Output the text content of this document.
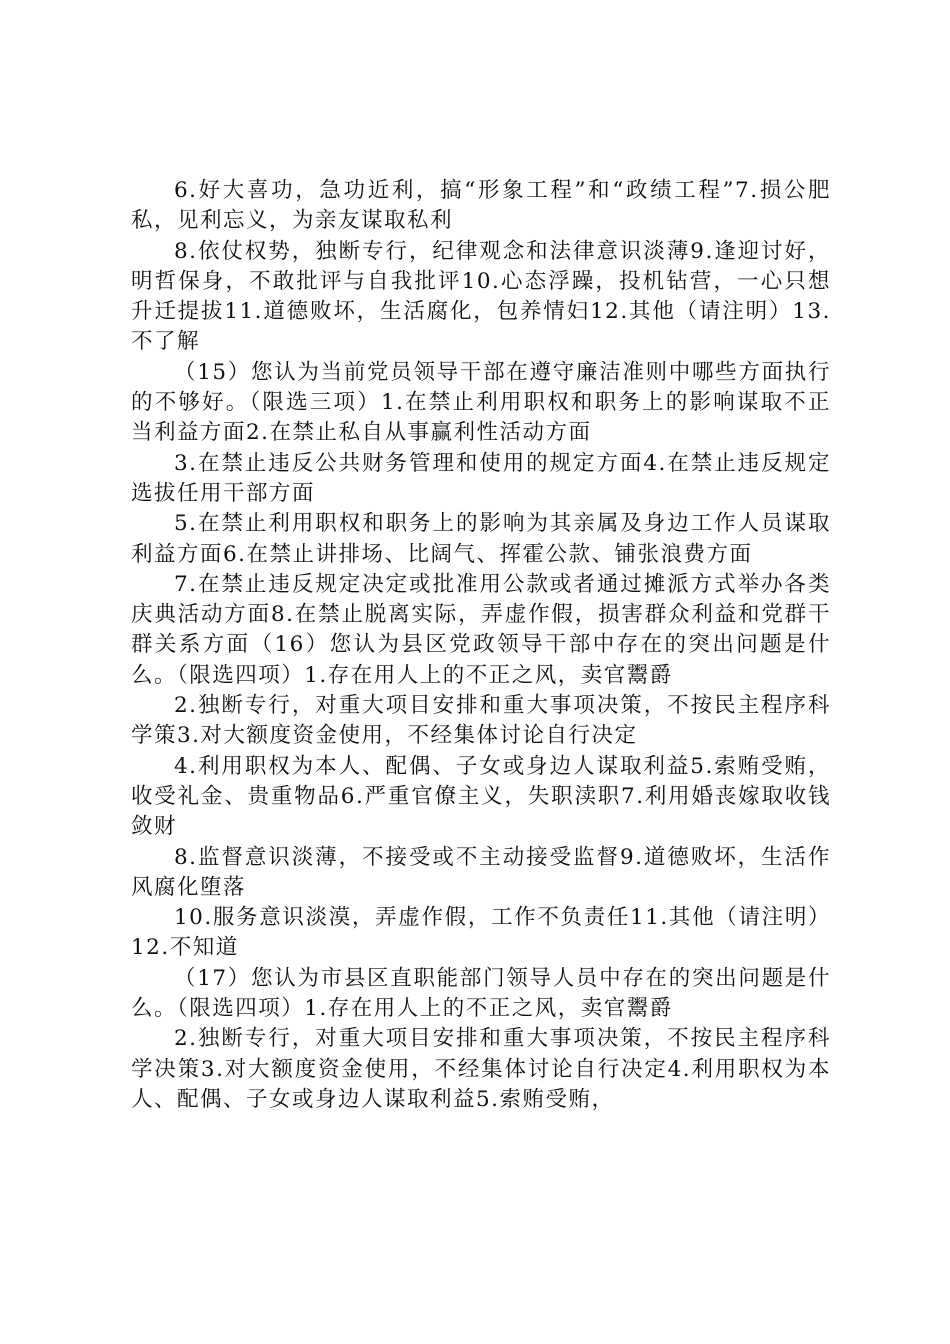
6.好大喜功，急功近利，搞“形象工程”和“政绩工程”7.损公肥私，见利忘义，为亲友谋取私利

8.依仗权势，独断专行，纪律观念和法律意识淡薄9.逢迎讨好，明哲保身，不敢批评与自我批评10.心态浮躁，投机钻营，一心只想升迁提拔11.道德败坏，生活腐化，包养情妇12.其他（请注明）13.不了解

（15）您认为当前党员领导干部在遵守廉洁准则中哪些方面执行的不够好。（限选三项）1.在禁止利用职权和职务上的影响谋取不正当利益方面2.在禁止私自从事赢利性活动方面

3.在禁止违反公共财务管理和使用的规定方面4.在禁止违反规定选拔任用干部方面

5.在禁止利用职权和职务上的影响为其亲属及身边工作人员谋取利益方面6.在禁止讲排场、比阔气、挥霍公款、铺张浪费方面

7.在禁止违反规定决定或批准用公款或者通过摊派方式举办各类庆典活动方面8.在禁止脱离实际，弄虚作假，损害群众利益和党群干群关系方面（16）您认为县区党政领导干部中存在的突出问题是什么。（限选四项）1.存在用人上的不正之风，卖官鬻爵

2.独断专行，对重大项目安排和重大事项决策，不按民主程序科学策3.对大额度资金使用，不经集体讨论自行决定

4.利用职权为本人、配偶、子女或身边人谋取利益5.索贿受贿，收受礼金、贵重物品6.严重官僚主义，失职渎职7.利用婚丧嫁取收钱敛财

8.监督意识淡薄，不接受或不主动接受监督9.道德败坏，生活作风腐化堕落

10.服务意识淡漠，弄虚作假，工作不负责任11.其他（请注明）12.不知道

（17）您认为市县区直职能部门领导人员中存在的突出问题是什么。（限选四项）1.存在用人上的不正之风，卖官鬻爵

2.独断专行，对重大项目安排和重大事项决策，不按民主程序科学决策3.对大额度资金使用，不经集体讨论自行决定4.利用职权为本人、配偶、子女或身边人谋取利益5.索贿受贿，
